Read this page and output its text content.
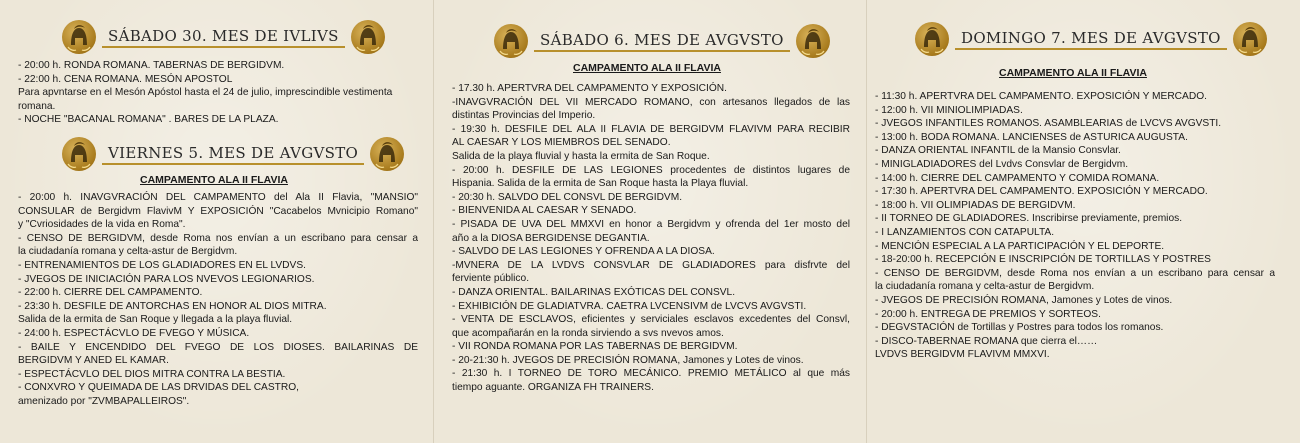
SÁBADO 30. MES DE IVLIVS
- 20:00 h. RONDA ROMANA. TABERNAS DE BERGIDVM.
- 22:00 h. CENA ROMANA. MESÓN APOSTOL
Para apvntarse en el Mesón Apóstol hasta el 24 de julio, imprescindible vestimenta
romana.
- NOCHE "BACANAL ROMANA" . BARES DE LA PLAZA.
VIERNES 5. MES DE AVGVSTO
CAMPAMENTO ALA II FLAVIA
- 20:00 h. INAVGVRACIÓN DEL CAMPAMENTO del Ala II Flavia, "MANSIO"
CONSULAR de Bergidvm FlavivM Y EXPOSICIÓN "Cacabelos Mvnicipio Romano"
y "Cvriosidades de la vida en Roma".
- CENSO DE BERGIDVM, desde Roma nos envían a un escribano para censar a
la ciudadanía romana y celta-astur de Bergidvm.
- ENTRENAMIENTOS DE LOS GLADIADORES EN EL LVDVS.
- JVEGOS DE INICIACIÓN PARA LOS NVEVOS LEGIONARIOS.
- 22:00 h. CIERRE DEL CAMPAMENTO.
- 23:30 h. DESFILE DE ANTORCHAS EN HONOR AL DIOS MITRA.
Salida de la ermita de San Roque y llegada a la playa fluvial.
- 24:00 h. ESPECTÁCVLO DE FVEGO Y MÚSICA.
- BAILE Y ENCENDIDO DEL FVEGO DE LOS DIOSES. BAILARINAS DE
BERGIDVM Y ANED EL KAMAR.
- ESPECTÁCVLO DEL DIOS MITRA CONTRA LA BESTIA.
- CONXVRO Y QUEIMADA DE LAS DRVIDAS DEL CASTRO,
amenizado por "ZVMBAPALLEIROS".
SÁBADO 6. MES DE AVGVSTO
CAMPAMENTO ALA II FLAVIA
- 17.30 h. APERTVRA DEL CAMPAMENTO Y EXPOSICIÓN.
-INAVGVRACIÓN DEL VII MERCADO ROMANO, con artesanos llegados de las
distintas Provincias del Imperio.
- 19:30 h. DESFILE DEL ALA II FLAVIA DE BERGIDVM FLAVIVM PARA RECIBIR
AL CAESAR Y LOS MIEMBROS DEL SENADO.
Salida de la playa fluvial y hasta la ermita de San Roque.
- 20:00 h. DESFILE DE LAS LEGIONES procedentes de distintos lugares de
Hispania. Salida de la ermita de San Roque hasta la Playa fluvial.
- 20:30 h. SALVDO DEL CONSVL DE BERGIDVM.
- BIENVENIDA AL CAESAR Y SENADO.
- PISADA DE UVA DEL MMXVI en honor a Bergidvm y ofrenda del 1er mosto del
año a la DIOSA BERGIDENSE DEGANTIA.
- SALVDO DE LAS LEGIONES Y OFRENDA A LA DIOSA.
-MVNERA DE LA LVDVS CONSVLAR DE GLADIADORES para disfrvte del
ferviente público.
- DANZA ORIENTAL. BAILARINAS EXÓTICAS DEL CONSVL.
- EXHIBICIÓN DE GLADIATVRA. CAETRA LVCENSIVM de LVCVS AVGVSTI.
- VENTA DE ESCLAVOS, eficientes y serviciales esclavos excedentes del Consvl,
que acompañarán en la ronda sirviendo a svs nvevos amos.
- VII RONDA ROMANA POR LAS TABERNAS DE BERGIDVM.
- 20-21:30 h. JVEGOS DE PRECISIÓN ROMANA, Jamones y Lotes de vinos.
- 21:30 h. I TORNEO DE TORO MECÁNICO. PREMIO METÁLICO al que más
tiempo aguante. ORGANIZA FH TRAINERS.
DOMINGO 7. MES DE AVGVSTO
CAMPAMENTO ALA II FLAVIA
- 11:30 h. APERTVRA DEL CAMPAMENTO. EXPOSICIÓN Y MERCADO.
- 12:00 h. VII MINIOLIMPIADAS.
- JVEGOS INFANTILES ROMANOS. ASAMBLEARIAS de LVCVS AVGVSTI.
- 13:00 h. BODA ROMANA. LANCIENSES de ASTURICA AUGUSTA.
- DANZA ORIENTAL INFANTIL de la Mansio Consvlar.
- MINIGLADIADORES del Lvdvs Consvlar de Bergidvm.
- 14:00 h. CIERRE DEL CAMPAMENTO Y COMIDA ROMANA.
- 17:30 h. APERTVRA DEL CAMPAMENTO. EXPOSICIÓN Y MERCADO.
- 18:00 h. VII OLIMPIADAS DE BERGIDVM.
- II TORNEO DE GLADIADORES. Inscribirse previamente, premios.
- I LANZAMIENTOS CON CATAPULTA.
- MENCIÓN ESPECIAL A LA PARTICIPACIÓN Y EL DEPORTE.
- 18-20:00 h. RECEPCIÓN E INSCRIPCIÓN DE TORTILLAS Y POSTRES
- CENSO DE BERGIDVM, desde Roma nos envían a un escribano para censar a
la ciudadanía romana y celta-astur de Bergidvm.
- JVEGOS DE PRECISIÓN ROMANA, Jamones y Lotes de vinos.
- 20:00 h. ENTREGA DE PREMIOS Y SORTEOS.
- DEGVSTACIÓN de Tortillas y Postres para todos los romanos.
- DISCO-TABERNAE ROMANA que cierra el……
LVDVS BERGIDVM FLAVIVM MMXVI.
